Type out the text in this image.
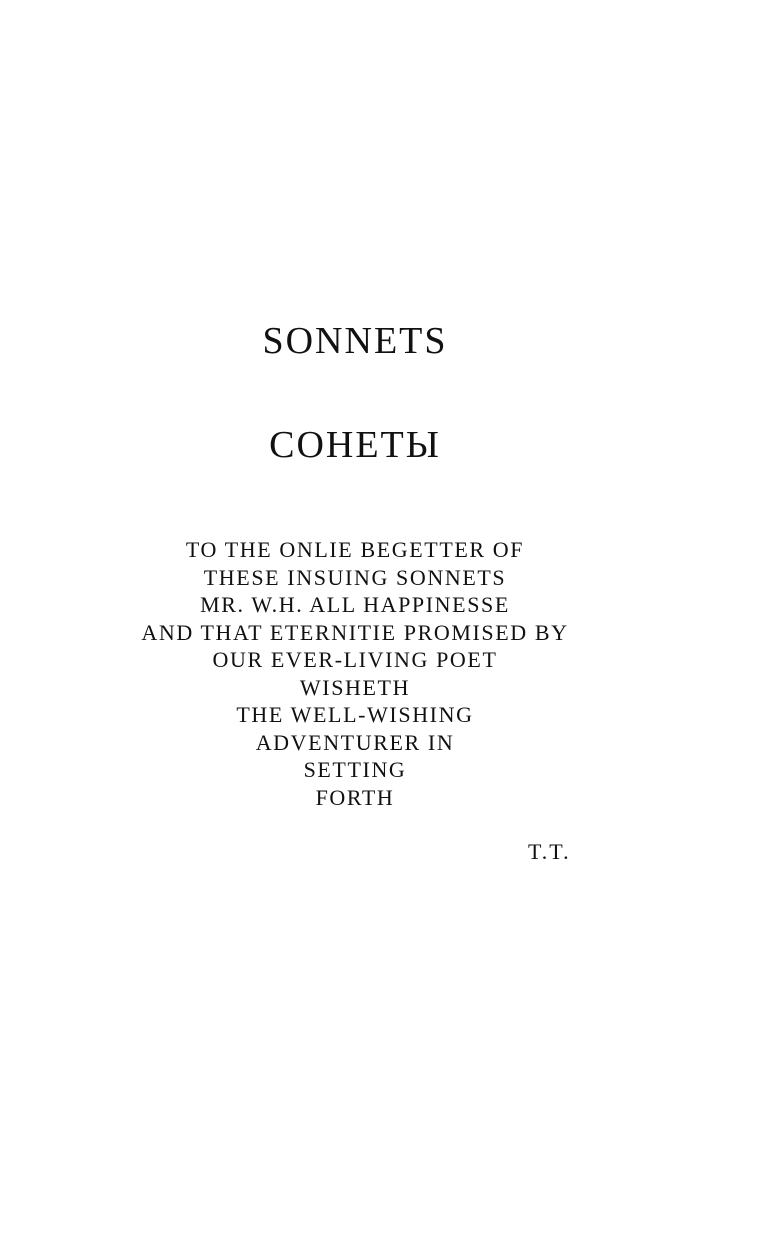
SONNETS
СОНЕТЫ
TO THE ONLIE BEGETTER OF
THESE INSUING SONNETS
MR. W.H. ALL HAPPINESSE
AND THAT ETERNITIE PROMISED BY
OUR EVER-LIVING POET
WISHETH
THE WELL-WISHING
ADVENTURER IN
SETTING
FORTH
T.T.
